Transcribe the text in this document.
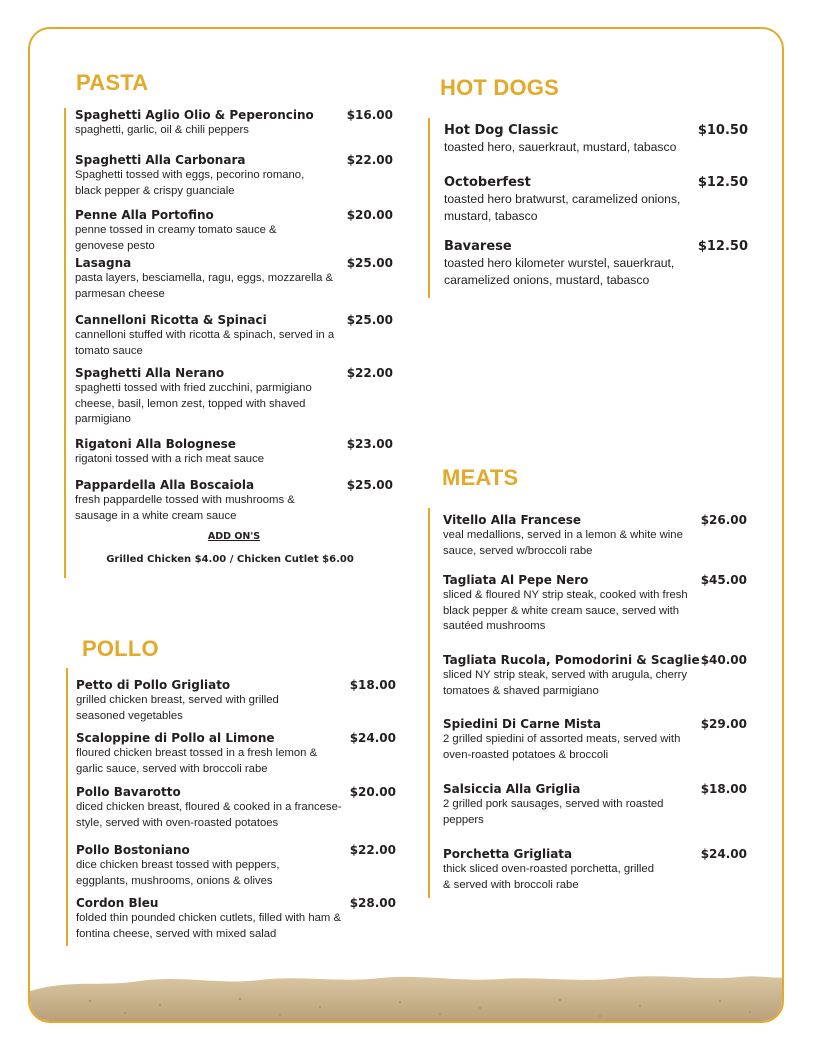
PASTA
Spaghetti Aglio Olio & Peperoncino	$16.00
spaghetti, garlic, oil & chili peppers
Spaghetti Alla Carbonara	$22.00
Spaghetti tossed with eggs, pecorino romano, black pepper & crispy guanciale
Penne Alla Portofino	$20.00
penne tossed in creamy tomato sauce & genovese pesto
Lasagna	$25.00
pasta layers, besciamella, ragu, eggs, mozzarella & parmesan cheese
Cannelloni Ricotta & Spinaci	$25.00
cannelloni stuffed with ricotta & spinach, served in a tomato sauce
Spaghetti Alla Nerano	$22.00
spaghetti tossed with fried zucchini, parmigiano cheese, basil, lemon zest, topped with shaved parmigiano
Rigatoni Alla Bolognese	$23.00
rigatoni tossed with a rich meat sauce
Pappardella Alla Boscaiola	$25.00
fresh pappardelle tossed with mushrooms & sausage in a white cream sauce
ADD ON'S
Grilled Chicken $4.00 / Chicken Cutlet $6.00
POLLO
Petto di Pollo Grigliato	$18.00
grilled chicken breast, served with grilled seasoned vegetables
Scaloppine di Pollo al Limone	$24.00
floured chicken breast tossed in a fresh lemon & garlic sauce, served with broccoli rabe
Pollo Bavarotto	$20.00
diced chicken breast, floured & cooked in a francese-style, served with oven-roasted potatoes
Pollo Bostoniano	$22.00
dice chicken breast tossed with peppers, eggplants, mushrooms, onions & olives
Cordon Bleu	$28.00
folded thin pounded chicken cutlets, filled with ham & fontina cheese, served with mixed salad
HOT DOGS
Hot Dog Classic	$10.50
toasted hero, sauerkraut, mustard, tabasco
Octoberfest	$12.50
toasted hero bratwurst, caramelized onions, mustard, tabasco
Bavarese	$12.50
toasted hero kilometer wurstel, sauerkraut, caramelized onions, mustard, tabasco
MEATS
Vitello Alla Francese	$26.00
veal medallions, served in a lemon & white wine sauce, served w/broccoli rabe
Tagliata Al Pepe Nero	$45.00
sliced & floured NY strip steak, cooked with fresh black pepper & white cream sauce, served with sautéed mushrooms
Tagliata Rucola, Pomodorini & Scaglie $40.00
sliced NY strip steak, served with arugula, cherry tomatoes & shaved parmigiano
Spiedini Di Carne Mista	$29.00
2 grilled spiedini of assorted meats, served with oven-roasted potatoes & broccoli
Salsiccia Alla Griglia	$18.00
2 grilled pork sausages, served with roasted peppers
Porchetta Grigliata	$24.00
thick sliced oven-roasted porchetta, grilled & served with broccoli rabe
